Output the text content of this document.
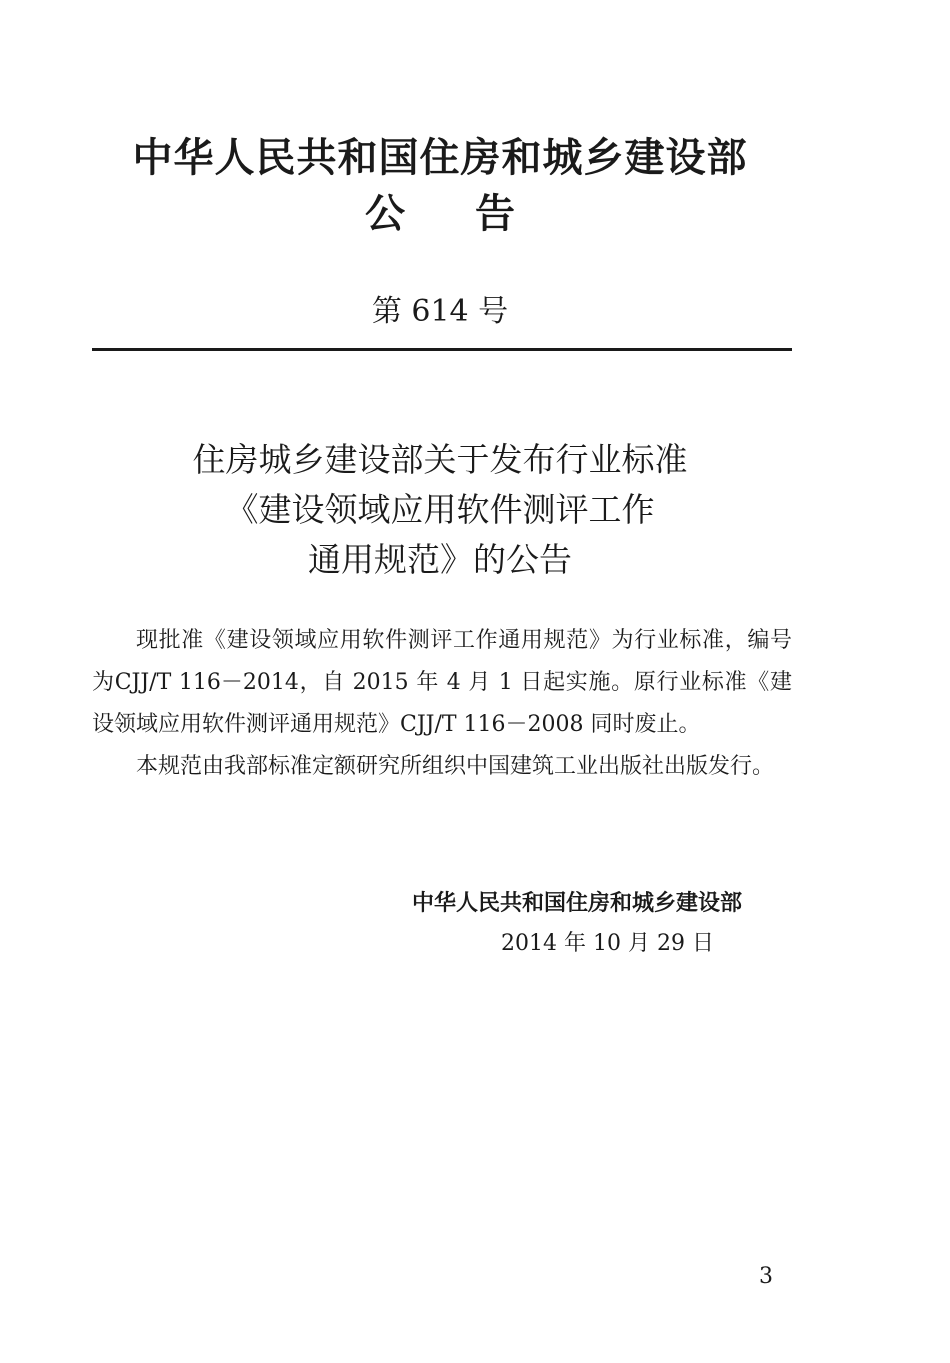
中华人民共和国住房和城乡建设部
公告
第 614 号
住房城乡建设部关于发布行业标准
《建设领域应用软件测评工作
通用规范》的公告

现批准《建设领域应用软件测评工作通用规范》为行业标准，编号为CJJ/T 116－2014，自 2015 年 4 月 1 日起实施。原行业标准《建设领域应用软件测评通用规范》CJJ/T 116－2008 同时废止。

本规范由我部标准定额研究所组织中国建筑工业出版社出版发行。

中华人民共和国住房和城乡建设部
2014 年 10 月 29 日
3
